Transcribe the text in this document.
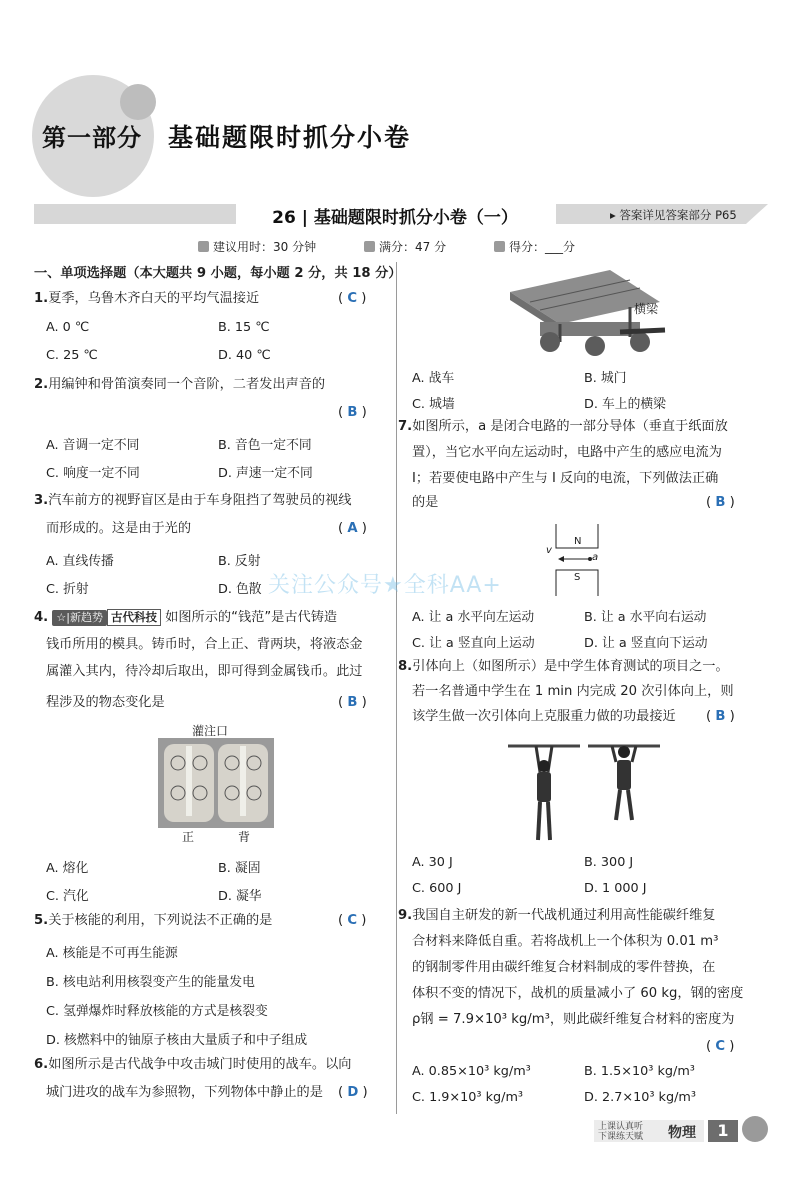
第一部分 基础题限时抓分小卷
26 | 基础题限时抓分小卷（一）	▸ 答案详见答案部分 P65
建议用时：30 分钟	满分：47 分	得分：___分
一、单项选择题（本大题共 9 小题，每小题 2 分，共 18 分）
1.夏季，乌鲁木齐白天的平均气温接近	( C )
A. 0 ℃	B. 15 ℃
C. 25 ℃	D. 40 ℃
2.用编钟和骨笛演奏同一个音阶，二者发出声音的
( B )
A. 音调一定不同	B. 音色一定不同
C. 响度一定不同	D. 声速一定不同
3.汽车前方的视野盲区是由于车身阻挡了驾驶员的视线
而形成的。这是由于光的	( A )
A. 直线传播	B. 反射
C. 折射	D. 色散
4. ☆|新趋势 古代科技 如图所示的“钱范”是古代铸造
钱币所用的模具。铸币时，合上正、背两块，将液态金
属灌入其内，待冷却后取出，即可得到金属钱币。此过
程涉及的物态变化是	( B )
灌注口
正	背
A. 熔化	B. 凝固
C. 汽化	D. 凝华
5.关于核能的利用，下列说法不正确的是	( C )
A. 核能是不可再生能源
B. 核电站利用核裂变产生的能量发电
C. 氢弹爆炸时释放核能的方式是核裂变
D. 核燃料中的铀原子核由大量质子和中子组成
6.如图所示是古代战争中攻击城门时使用的战车。以向
城门进攻的战车为参照物，下列物体中静止的是 ( D )
横梁
A. 战车	B. 城门
C. 城墙	D. 车上的横梁
7.如图所示，a 是闭合电路的一部分导体（垂直于纸面放
置），当它水平向左运动时，电路中产生的感应电流为
I；若要使电路中产生与 I 反向的电流，下列做法正确
的是	( B )
N
S
v
a
A. 让 a 水平向左运动	B. 让 a 水平向右运动
C. 让 a 竖直向上运动	D. 让 a 竖直向下运动
8.引体向上（如图所示）是中学生体育测试的项目之一。
若一名普通中学生在 1 min 内完成 20 次引体向上，则
该学生做一次引体向上克服重力做的功最接近 ( B )
A. 30 J	B. 300 J
C. 600 J	D. 1 000 J
9.我国自主研发的新一代战机通过利用高性能碳纤维复
合材料来降低自重。若将战机上一个体积为 0.01 m³
的钢制零件用由碳纤维复合材料制成的零件替换，在
体积不变的情况下，战机的质量减小了 60 kg，钢的密度
ρ钢 = 7.9×10³ kg/m³，则此碳纤维复合材料的密度为
( C )
A. 0.85×10³ kg/m³	B. 1.5×10³ kg/m³
C. 1.9×10³ kg/m³	D. 2.7×10³ kg/m³
关注公众号★全科AA+
上课认真听
下课练天赋 物理	1
